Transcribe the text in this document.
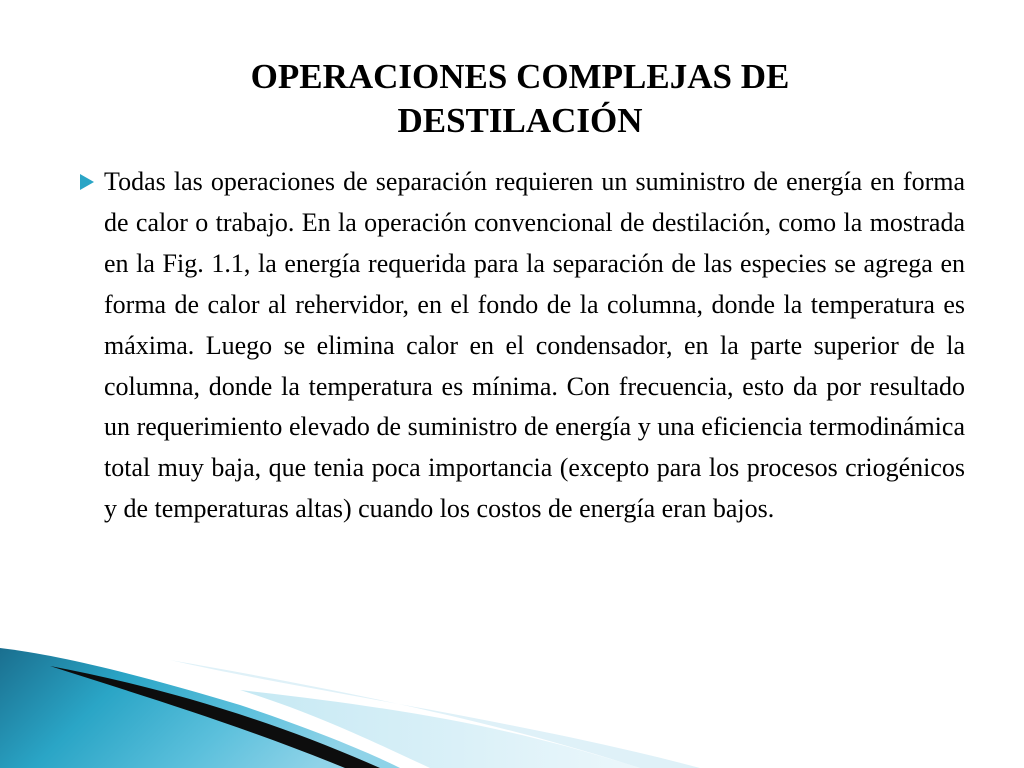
OPERACIONES COMPLEJAS DE
DESTILACIÓN

Todas las operaciones de separación requieren un suministro de energía en forma de calor o trabajo. En la operación convencional de destilación, como la mostrada en la Fig. 1.1, la energía requerida para la separación de las especies se agrega en forma de calor al rehervidor, en el fondo de la columna, donde la temperatura es máxima. Luego se elimina calor en el condensador, en la parte superior de la columna, donde la temperatura es mínima. Con frecuencia, esto da por resultado un requerimiento elevado de suministro de energía y una eficiencia termodinámica total muy baja, que tenia poca importancia (excepto para los procesos criogénicos y de temperaturas altas) cuando los costos de energía eran bajos.
